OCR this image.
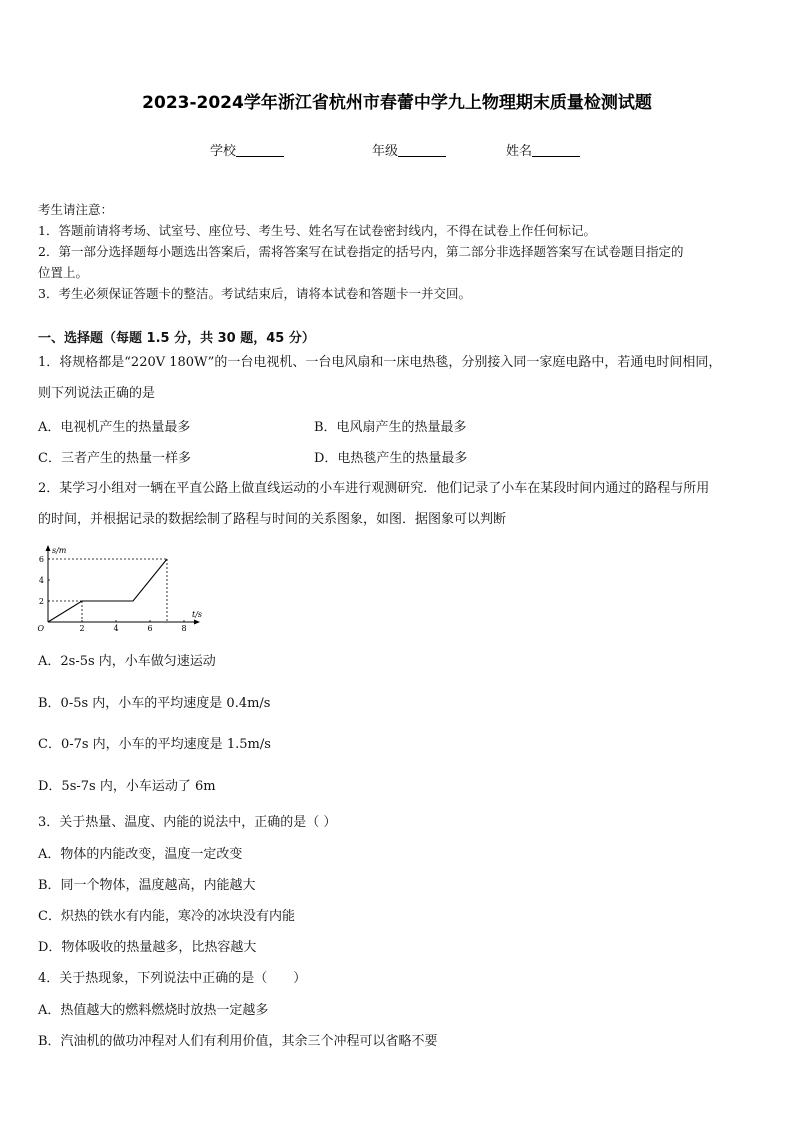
2023-2024学年浙江省杭州市春蕾中学九上物理期末质量检测试题
学校	年级	姓名
考生请注意：
1．答题前请将考场、试室号、座位号、考生号、姓名写在试卷密封线内，不得在试卷上作任何标记。
2．第一部分选择题每小题选出答案后，需将答案写在试卷指定的括号内，第二部分非选择题答案写在试卷题目指定的
位置上。
3．考生必须保证答题卡的整洁。考试结束后，请将本试卷和答题卡一并交回。
一、选择题（每题 1.5 分，共 30 题，45 分）
1．将规格都是“220V 180W”的一台电视机、一台电风扇和一床电热毯，分别接入同一家庭电路中，若通电时间相同，
则下列说法正确的是
A．电视机产生的热量最多	B．电风扇产生的热量最多
C．三者产生的热量一样多	D．电热毯产生的热量最多
2．某学习小组对一辆在平直公路上做直线运动的小车进行观测研究．他们记录了小车在某段时间内通过的路程与所用
的时间，并根据记录的数据绘制了路程与时间的关系图象，如图．据图象可以判断
2	4	6	8
2
4
6
O
s/m
t/s
A．2s-5s 内，小车做匀速运动
B．0-5s 内，小车的平均速度是 0.4m/s
C．0-7s 内，小车的平均速度是 1.5m/s
D．5s-7s 内，小车运动了 6m
3．关于热量、温度、内能的说法中，正确的是（ ）
A．物体的内能改变，温度一定改变
B．同一个物体，温度越高，内能越大
C．炽热的铁水有内能，寒冷的冰块没有内能
D．物体吸收的热量越多，比热容越大
4．关于热现象，下列说法中正确的是（　　）
A．热值越大的燃料燃烧时放热一定越多
B．汽油机的做功冲程对人们有利用价值，其余三个冲程可以省略不要
